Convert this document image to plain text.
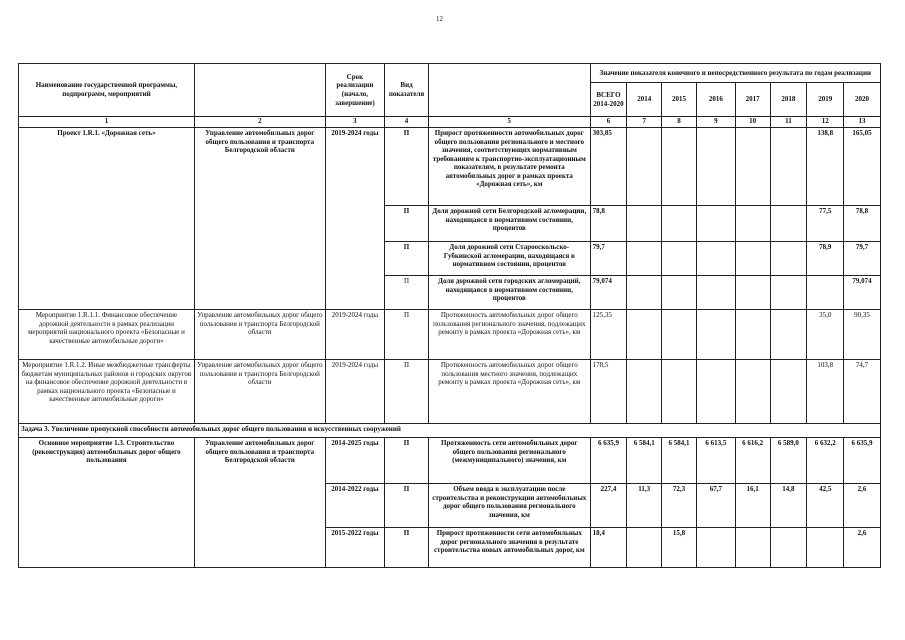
12
Наименование государственной программы, подпрограмм, мероприятий		Срок реализации (начало, завершение)	Вид показателя		Значение показателя конечного и непосредственного результата по годам реализации							
					ВСЕГО 2014-2020	2014	2015	2016	2017	2018	2019	2020
1	2	3	4	5	6	7	8	9	10	11	12	13
Проект 1.R.1. «Дорожная сеть»	Управление автомобильных дорог общего пользования и транспорта Белгородской области	2019-2024 годы	П	Прирост протяженности автомобильных дорог общего пользования регионального и местного значения, соответствующих нормативным требованиям к транспортно-эксплуатационным показателям, в результате ремонта автомобильных дорог в рамках проекта «Дорожная сеть», км	303,85						138,8	165,05
			П	Доля дорожной сети Белгородской агломерации, находящаяся в нормативном состоянии, процентов	78,8						77,5	78,8
			П	Доля дорожной сети Старооскольско-Губкинской агломерации, находящаяся в нормативном состоянии, процентов	79,7						78,9	79,7
			П	Доля дорожной сети городских агломераций, находящаяся в нормативном состоянии, процентов	79,074							79,074
Мероприятие 1.R.1.1. Финансовое обеспечение дорожной деятельности в рамках реализации мероприятий национального проекта «Безопасные и качественные автомобильные дороги»	Управление автомобильных дорог общего пользования и транспорта Белгородской области	2019-2024 годы	П	Протяженность автомобильных дорог общего пользования регионального значения, подлежащих ремонту в рамках проекта «Дорожная сеть», км	125,35						35,0	90,35
Мероприятие 1.R.1.2. Иные межбюджетные трансферты бюджетам муниципальных районов и городских округов на финансовое обеспечение дорожной деятельности в рамках национального проекта «Безопасные и качественные автомобильные дороги»	Управление автомобильных дорог общего пользования и транспорта Белгородской области	2019-2024 годы	П	Протяженность автомобильных дорог общего пользования местного значения, подлежащих ремонту в рамках проекта «Дорожная сеть», км	178,5						103,8	74,7
Задача 3. Увеличение пропускной способности автомобильных дорог общего пользования и искусственных сооружений												
Основное мероприятие 1.3. Строительство (реконструкция) автомобильных дорог общего пользования	Управление автомобильных дорог общего пользования и транспорта Белгородской области	2014-2025 годы	П	Протяженность сети автомобильных дорог общего пользования регионального (межмуниципального) значения, км	6 635,9	6 584,1	6 584,1	6 613,5	6 616,2	6 589,0	6 632,2	6 635,9
		2014-2022 годы	П	Объем ввода в эксплуатацию после строительства и реконструкции автомобильных дорог общего пользования регионального значения, км	227,4	11,3	72,3	67,7	16,1	14,8	42,5	2,6
		2015-2022 годы	П	Прирост протяженности сети автомобильных дорог регионального значения в результате строительства новых автомобильных дорог, км	18,4		15,8					2,6
